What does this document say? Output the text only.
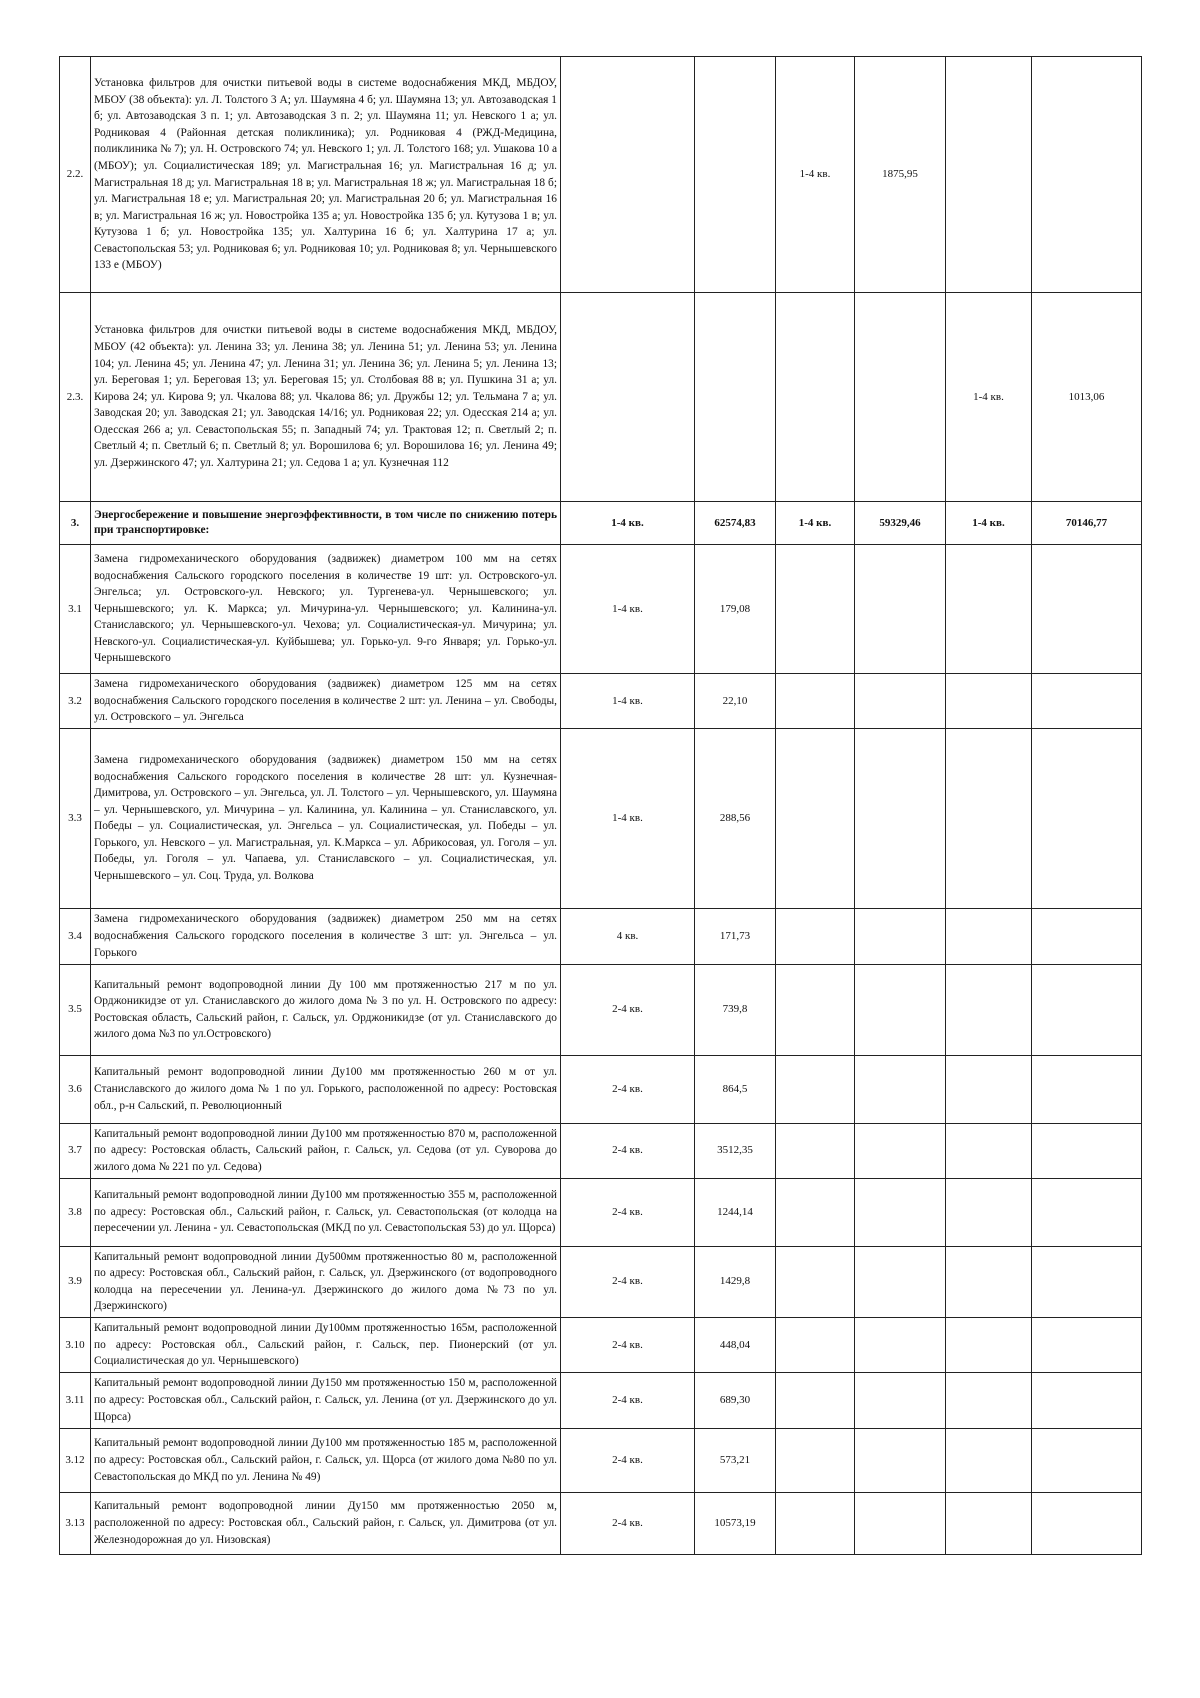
2.2.	Установка фильтров для очистки питьевой воды в системе водоснабжения МКД, МБДОУ, МБОУ (38 объекта): ул. Л. Толстого 3 А; ул. Шаумяна 4 б; ул. Шаумяна 13; ул. Автозаводская 1 б; ул. Автозаводская 3 п. 1; ул. Автозаводская 3 п. 2; ул. Шаумяна 11; ул. Невского 1 а; ул. Родниковая 4 (Районная детская поликлиника); ул. Родниковая 4 (РЖД-Медицина, поликлиника № 7); ул. Н. Островского 74; ул. Невского 1; ул. Л. Толстого 168; ул. Ушакова 10 а (МБОУ); ул. Социалистическая 189; ул. Магистральная 16; ул. Магистральная 16 д; ул. Магистральная 18 д; ул. Магистральная 18 в; ул. Магистральная 18 ж; ул. Магистральная 18 б; ул. Магистральная 18 е; ул. Магистральная 20; ул. Магистральная 20 б; ул. Магистральная 16 в; ул. Магистральная 16 ж; ул. Новостройка 135 а; ул. Новостройка 135 б; ул. Кутузова 1 в; ул. Кутузова 1 б; ул. Новостройка 135; ул. Халтурина 16 б; ул. Халтурина 17 а; ул. Севастопольская 53; ул. Родниковая 6; ул. Родниковая 10; ул. Родниковая 8; ул. Чернышевского 133 е (МБОУ)			1-4 кв.	1875,95		
2.3.	Установка фильтров для очистки питьевой воды в системе водоснабжения МКД, МБДОУ, МБОУ (42 объекта): ул. Ленина 33; ул. Ленина 38; ул. Ленина 51; ул. Ленина 53; ул. Ленина 104; ул. Ленина 45; ул. Ленина 47; ул. Ленина 31; ул. Ленина 36; ул. Ленина 5; ул. Ленина 13; ул. Береговая 1; ул. Береговая 13; ул. Береговая 15; ул. Столбовая 88 в; ул. Пушкина 31 а; ул. Кирова 24; ул. Кирова 9; ул. Чкалова 88; ул. Чкалова 86; ул. Дружбы 12; ул. Тельмана 7 а; ул. Заводская 20; ул. Заводская 21; ул. Заводская 14/16; ул. Родниковая 22; ул. Одесская 214 а; ул. Одесская 266 а; ул. Севастопольская 55; п. Западный 74; ул. Трактовая 12; п. Светлый 2; п. Светлый 4; п. Светлый 6; п. Светлый 8; ул. Ворошилова 6; ул. Ворошилова 16; ул. Ленина 49; ул. Дзержинского 47; ул. Халтурина 21; ул. Седова 1 а; ул. Кузнечная 112					1-4 кв.	1013,06
3.	Энергосбережение и повышение энергоэффективности, в том числе по снижению потерь при транспортировке:	1-4 кв.	62574,83	1-4 кв.	59329,46	1-4 кв.	70146,77
3.1	Замена гидромеханического оборудования (задвижек) диаметром 100 мм на сетях водоснабжения Сальского городского поселения в количестве 19 шт: ул. Островского-ул. Энгельса; ул. Островского-ул. Невского; ул. Тургенева-ул. Чернышевского; ул. Чернышевского; ул. К. Маркса; ул. Мичурина-ул. Чернышевского; ул. Калинина-ул. Станиславского; ул. Чернышевского-ул. Чехова; ул. Социалистическая-ул. Мичурина; ул. Невского-ул. Социалистическая-ул. Куйбышева; ул. Горько-ул. 9-го Января; ул. Горько-ул. Чернышевского	1-4 кв.	179,08				
3.2	Замена гидромеханического оборудования (задвижек) диаметром 125 мм на сетях водоснабжения Сальского городского поселения в количестве 2 шт: ул. Ленина – ул. Свободы, ул. Островского – ул. Энгельса	1-4 кв.	22,10				
3.3	Замена гидромеханического оборудования (задвижек) диаметром 150 мм на сетях водоснабжения Сальского городского поселения в количестве 28 шт: ул. Кузнечная-Димитрова, ул. Островского – ул. Энгельса, ул. Л. Толстого – ул. Чернышевского, ул. Шаумяна – ул. Чернышевского, ул. Мичурина – ул. Калинина, ул. Калинина – ул. Станиславского, ул. Победы – ул. Социалистическая, ул. Энгельса – ул. Социалистическая, ул. Победы – ул. Горького, ул. Невского – ул. Магистральная, ул. К.Маркса – ул. Абрикосовая, ул. Гоголя – ул. Победы, ул. Гоголя – ул. Чапаева, ул. Станиславского – ул. Социалистическая, ул. Чернышевского – ул. Соц. Труда, ул. Волкова	1-4 кв.	288,56				
3.4	Замена гидромеханического оборудования (задвижек) диаметром 250 мм на сетях водоснабжения Сальского городского поселения в количестве 3 шт: ул. Энгельса – ул. Горького	4 кв.	171,73				
3.5	Капитальный ремонт водопроводной линии Ду 100 мм протяженностью 217 м по ул. Орджоникидзе от ул. Станиславского до жилого дома № 3 по ул. Н. Островского по адресу: Ростовская область, Сальский район, г. Сальск, ул. Орджоникидзе (от ул. Станиславского до жилого дома №3 по ул.Островского)	2-4 кв.	739,8				
3.6	Капитальный ремонт водопроводной линии Ду100 мм протяженностью 260 м от ул. Станиславского до жилого дома № 1 по ул. Горького, расположенной по адресу: Ростовская обл., р-н Сальский, п. Революционный	2-4 кв.	864,5				
3.7	Капитальный ремонт водопроводной линии Ду100 мм протяженностью 870 м, расположенной по адресу: Ростовская область, Сальский район, г. Сальск, ул. Седова (от ул. Суворова до жилого дома № 221 по ул. Седова)	2-4 кв.	3512,35				
3.8	Капитальный ремонт водопроводной линии Ду100 мм протяженностью 355 м, расположенной по адресу: Ростовская обл., Сальский район, г. Сальск, ул. Севастопольская (от колодца на пересечении ул. Ленина - ул. Севастопольская (МКД по ул. Севастопольская 53) до ул. Щорса)	2-4 кв.	1244,14				
3.9	Капитальный ремонт водопроводной линии Ду500мм протяженностью 80 м, расположенной по адресу: Ростовская обл., Сальский район, г. Сальск, ул. Дзержинского (от водопроводного колодца на пересечении ул. Ленина-ул. Дзержинского до жилого дома №73 по ул. Дзержинского)	2-4 кв.	1429,8				
3.10	Капитальный ремонт водопроводной линии Ду100мм протяженностью 165м, расположенной по адресу: Ростовская обл., Сальский район, г. Сальск, пер. Пионерский (от ул. Социалистическая до ул. Чернышевского)	2-4 кв.	448,04				
3.11	Капитальный ремонт водопроводной линии Ду150 мм протяженностью 150 м, расположенной по адресу: Ростовская обл., Сальский район, г. Сальск, ул. Ленина (от ул. Дзержинского до ул. Щорса)	2-4 кв.	689,30				
3.12	Капитальный ремонт водопроводной линии Ду100 мм протяженностью 185 м, расположенной по адресу: Ростовская обл., Сальский район, г. Сальск, ул. Щорса (от жилого дома №80 по ул. Севастопольская до МКД по ул. Ленина № 49)	2-4 кв.	573,21				
3.13	Капитальный ремонт водопроводной линии Ду150 мм протяженностью 2050 м, расположенной по адресу: Ростовская обл., Сальский район, г. Сальск, ул. Димитрова (от ул. Железнодорожная до ул. Низовская)	2-4 кв.	10573,19				
